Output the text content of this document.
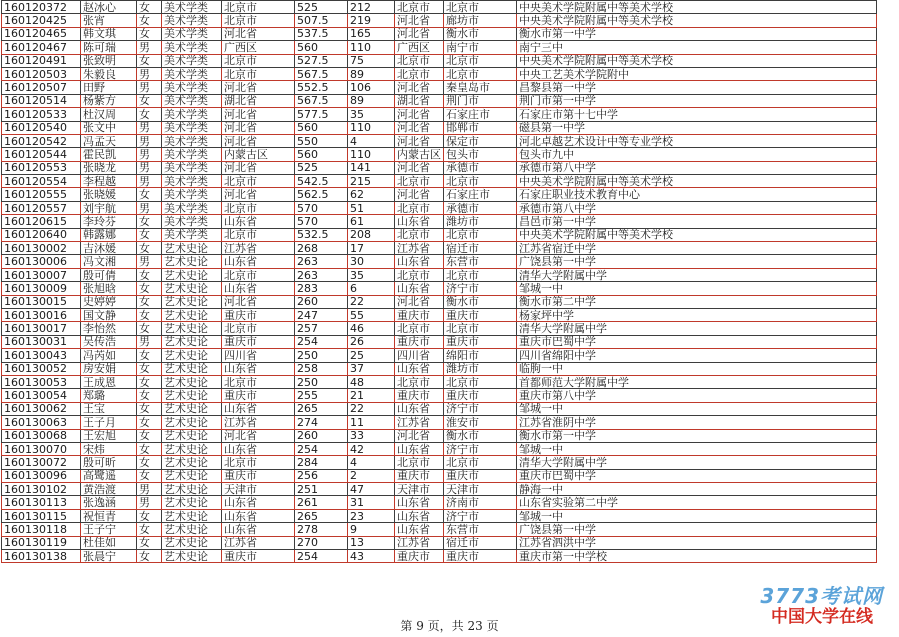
160120372	赵冰心	女	美术学类	北京市	525	212	北京市	北京市	中央美术学院附属中等美术学校
160120425	张宵	女	美术学类	北京市	507.5	219	河北省	廊坊市	中央美术学院附属中等美术学校
160120465	韩文琪	女	美术学类	河北省	537.5	165	河北省	衡水市	衡水市第一中学
160120467	陈可瑞	男	美术学类	广西区	560	110	广西区	南宁市	南宁三中
160120491	张致明	女	美术学类	北京市	527.5	75	北京市	北京市	中央美术学院附属中等美术学校
160120503	朱毅良	男	美术学类	北京市	567.5	89	北京市	北京市	中央工艺美术学院附中
160120507	田野	男	美术学类	河北省	552.5	106	河北省	秦皇岛市	昌黎县第一中学
160120514	杨紫方	女	美术学类	湖北省	567.5	89	湖北省	荆门市	荆门市第一中学
160120533	杜汉周	女	美术学类	河北省	577.5	35	河北省	石家庄市	石家庄市第十七中学
160120540	张文中	男	美术学类	河北省	560	110	河北省	邯郸市	磁县第一中学
160120542	冯孟天	男	美术学类	河北省	550	4	河北省	保定市	河北卓越艺术设计中等专业学校
160120544	霍民凯	男	美术学类	内蒙古区	560	110	内蒙古区	包头市	包头市九中
160120553	张晓龙	男	美术学类	河北省	525	141	河北省	承德市	承德市第八中学
160120554	李程越	男	美术学类	北京市	542.5	215	北京市	北京市	中央美术学院附属中等美术学校
160120555	张晓媛	女	美术学类	河北省	562.5	62	河北省	石家庄市	石家庄职业技术教育中心
160120557	刘宇航	男	美术学类	北京市	570	51	北京市	承德市	承德市第八中学
160120615	李玲芬	女	美术学类	山东省	570	61	山东省	潍坊市	昌邑市第一中学
160120640	韩露娜	女	美术学类	北京市	532.5	208	北京市	北京市	中央美术学院附属中等美术学校
160130002	吉沐媛	女	艺术史论	江苏省	268	17	江苏省	宿迁市	江苏省宿迁中学
160130006	冯文湘	男	艺术史论	山东省	263	30	山东省	东营市	广饶县第一中学
160130007	殷可倩	女	艺术史论	北京市	263	35	北京市	北京市	清华大学附属中学
160130009	张旭晗	女	艺术史论	山东省	283	6	山东省	济宁市	邹城一中
160130015	史婷婷	女	艺术史论	河北省	260	22	河北省	衡水市	衡水市第二中学
160130016	国文静	女	艺术史论	重庆市	247	55	重庆市	重庆市	杨家坪中学
160130017	李怡然	女	艺术史论	北京市	257	46	北京市	北京市	清华大学附属中学
160130031	吴传浩	男	艺术史论	重庆市	254	26	重庆市	重庆市	重庆市巴蜀中学
160130043	冯芮如	女	艺术史论	四川省	250	25	四川省	绵阳市	四川省绵阳中学
160130052	房安娟	女	艺术史论	山东省	258	37	山东省	潍坊市	临朐一中
160130053	王成恩	女	艺术史论	北京市	250	48	北京市	北京市	首都师范大学附属中学
160130054	郑璐	女	艺术史论	重庆市	255	21	重庆市	重庆市	重庆市第八中学
160130062	王宝	女	艺术史论	山东省	265	22	山东省	济宁市	邹城一中
160130063	王子月	女	艺术史论	江苏省	274	11	江苏省	淮安市	江苏省淮阴中学
160130068	王宏旭	女	艺术史论	河北省	260	33	河北省	衡水市	衡水市第一中学
160130070	宋炜	女	艺术史论	山东省	254	42	山东省	济宁市	邹城一中
160130072	殷可昕	女	艺术史论	北京市	284	4	北京市	北京市	清华大学附属中学
160130096	高鹭遥	女	艺术史论	重庆市	256	2	重庆市	重庆市	重庆市巴蜀中学
160130102	黄浩渡	男	艺术史论	天津市	251	47	天津市	天津市	静海一中
160130113	张逸涵	男	艺术史论	山东省	261	31	山东省	济南市	山东省实验第二中学
160130115	祝恒青	女	艺术史论	山东省	265	23	山东省	济宁市	邹城一中
160130118	王子宁	女	艺术史论	山东省	278	9	山东省	东营市	广饶县第一中学
160130119	杜佳如	女	艺术史论	江苏省	270	13	江苏省	宿迁市	江苏省泗洪中学
160130138	张晨宁	女	艺术史论	重庆市	254	43	重庆市	重庆市	重庆市第一中学校
第 9 页，共 23 页
3773考试网
中国大学在线
